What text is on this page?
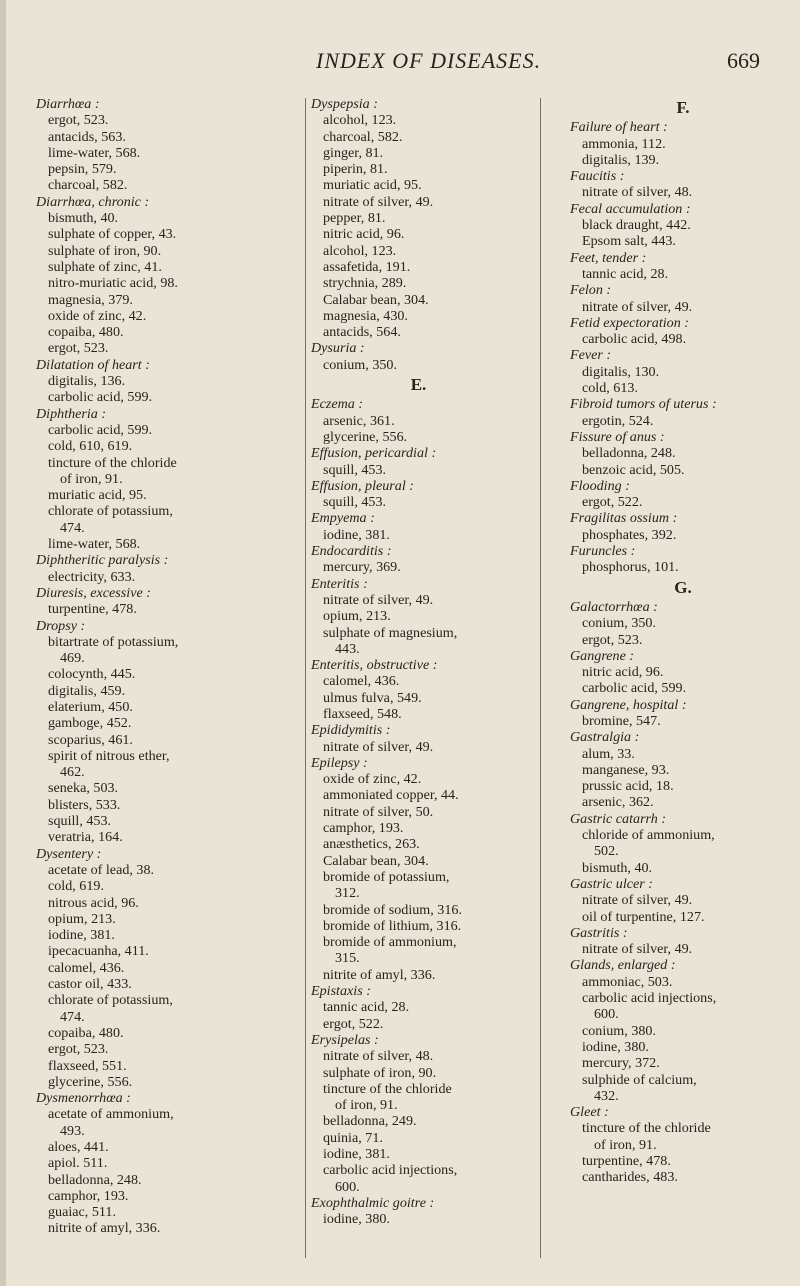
INDEX OF DISEASES.	669

Diarrhœa :

ergot, 523.

antacids, 563.

lime-water, 568.

pepsin, 579.

charcoal, 582.

Diarrhœa, chronic :

bismuth, 40.

sulphate of copper, 43.

sulphate of iron, 90.

sulphate of zinc, 41.

nitro-muriatic acid, 98.

magnesia, 379.

oxide of zinc, 42.

copaiba, 480.

ergot, 523.

Dilatation of heart :

digitalis, 136.

carbolic acid, 599.

Diphtheria :

carbolic acid, 599.

cold, 610, 619.

tincture of the chloride

of iron, 91.

muriatic acid, 95.

chlorate of potassium,

474.

lime-water, 568.

Diphtheritic paralysis :

electricity, 633.

Diuresis, excessive :

turpentine, 478.

Dropsy :

bitartrate of potassium,

469.

colocynth, 445.

digitalis, 459.

elaterium, 450.

gamboge, 452.

scoparius, 461.

spirit of nitrous ether,

462.

seneka, 503.

blisters, 533.

squill, 453.

veratria, 164.

Dysentery :

acetate of lead, 38.

cold, 619.

nitrous acid, 96.

opium, 213.

iodine, 381.

ipecacuanha, 411.

calomel, 436.

castor oil, 433.

chlorate of potassium,

474.

copaiba, 480.

ergot, 523.

flaxseed, 551.

glycerine, 556.

Dysmenorrhœa :

acetate of ammonium,

493.

aloes, 441.

apiol. 511.

belladonna, 248.

camphor, 193.

guaiac, 511.

nitrite of amyl, 336.

Dyspepsia :

alcohol, 123.

charcoal, 582.

ginger, 81.

piperin, 81.

muriatic acid, 95.

nitrate of silver, 49.

pepper, 81.

nitric acid, 96.

alcohol, 123.

assafetida, 191.

strychnia, 289.

Calabar bean, 304.

magnesia, 430.

antacids, 564.

Dysuria :

conium, 350.

E.

Eczema :

arsenic, 361.

glycerine, 556.

Effusion, pericardial :

squill, 453.

Effusion, pleural :

squill, 453.

Empyema :

iodine, 381.

Endocarditis :

mercury, 369.

Enteritis :

nitrate of silver, 49.

opium, 213.

sulphate of magnesium,

443.

Enteritis, obstructive :

calomel, 436.

ulmus fulva, 549.

flaxseed, 548.

Epididymitis :

nitrate of silver, 49.

Epilepsy :

oxide of zinc, 42.

ammoniated copper, 44.

nitrate of silver, 50.

camphor, 193.

anæsthetics, 263.

Calabar bean, 304.

bromide of potassium,

312.

bromide of sodium, 316.

bromide of lithium, 316.

bromide of ammonium,

315.

nitrite of amyl, 336.

Epistaxis :

tannic acid, 28.

ergot, 522.

Erysipelas :

nitrate of silver, 48.

sulphate of iron, 90.

tincture of the chloride

of iron, 91.

belladonna, 249.

quinia, 71.

iodine, 381.

carbolic acid injections,

600.

Exophthalmic goitre :

iodine, 380.

F.

Failure of heart :

ammonia, 112.

digitalis, 139.

Faucitis :

nitrate of silver, 48.

Fecal accumulation :

black draught, 442.

Epsom salt, 443.

Feet, tender :

tannic acid, 28.

Felon :

nitrate of silver, 49.

Fetid expectoration :

carbolic acid, 498.

Fever :

digitalis, 130.

cold, 613.

Fibroid tumors of uterus :

ergotin, 524.

Fissure of anus :

belladonna, 248.

benzoic acid, 505.

Flooding :

ergot, 522.

Fragilitas ossium :

phosphates, 392.

Furuncles :

phosphorus, 101.

G.

Galactorrhœa :

conium, 350.

ergot, 523.

Gangrene :

nitric acid, 96.

carbolic acid, 599.

Gangrene, hospital :

bromine, 547.

Gastralgia :

alum, 33.

manganese, 93.

prussic acid, 18.

arsenic, 362.

Gastric catarrh :

chloride of ammonium,

502.

bismuth, 40.

Gastric ulcer :

nitrate of silver, 49.

oil of turpentine, 127.

Gastritis :

nitrate of silver, 49.

Glands, enlarged :

ammoniac, 503.

carbolic acid injections,

600.

conium, 380.

iodine, 380.

mercury, 372.

sulphide of calcium,

432.

Gleet :

tincture of the chloride

of iron, 91.

turpentine, 478.

cantharides, 483.
